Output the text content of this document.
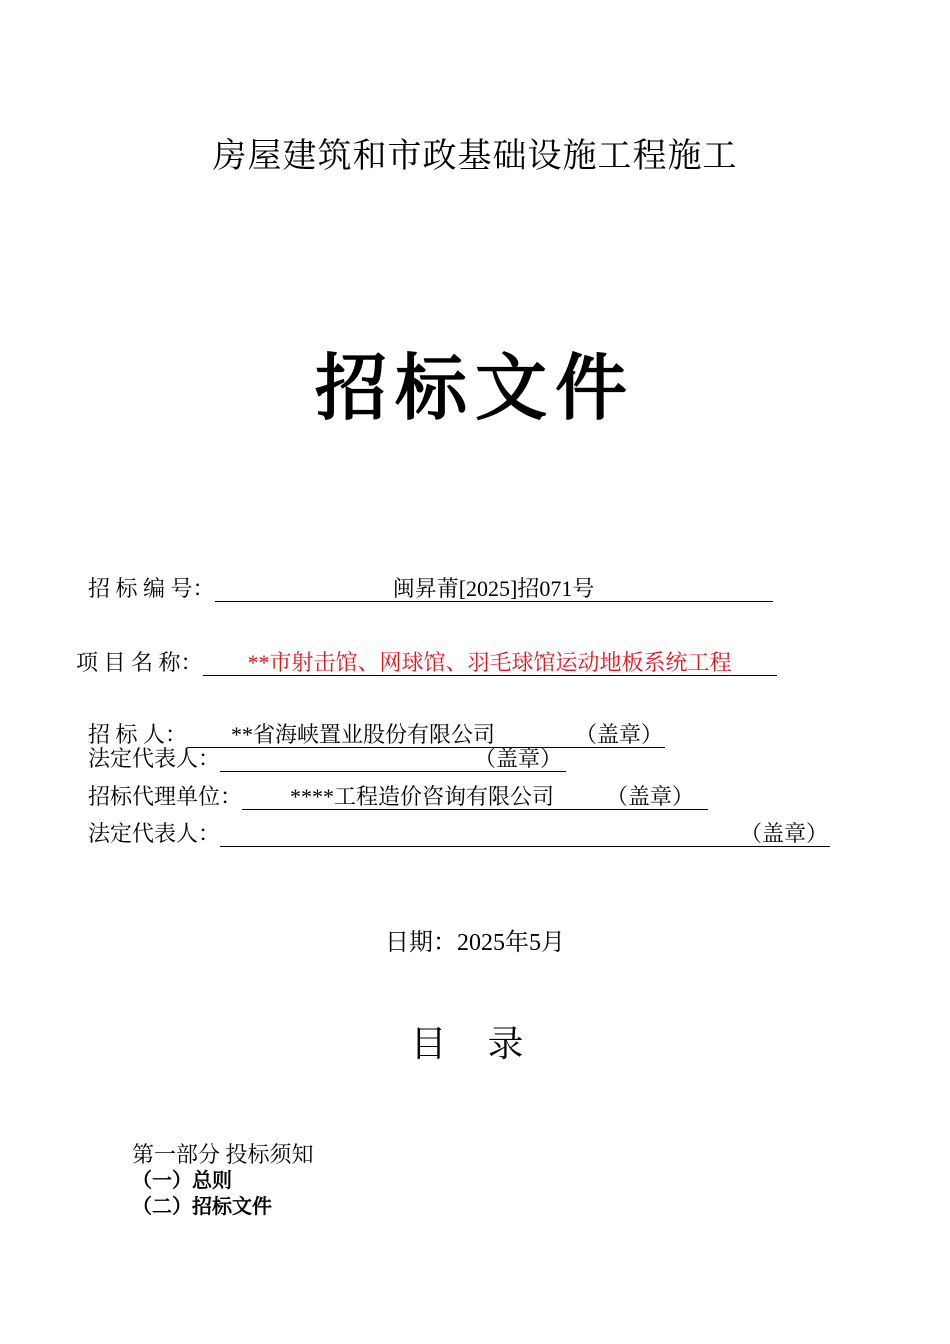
房屋建筑和市政基础设施工程施工
招标文件
招 标 编 号：	闽昇莆[2025]招071号
项 目 名 称：	**市射击馆、网球馆、羽毛球馆运动地板系统工程
招 标 人： **省海峡置业股份有限公司	（盖章）

法定代表人：	（盖章）

招标代理单位： ****工程造价咨询有限公司 （盖章）

法定代表人：	（盖章）

日期：2025年5月
目 录
第一部分 投标须知
（一）总则
（二）招标文件
